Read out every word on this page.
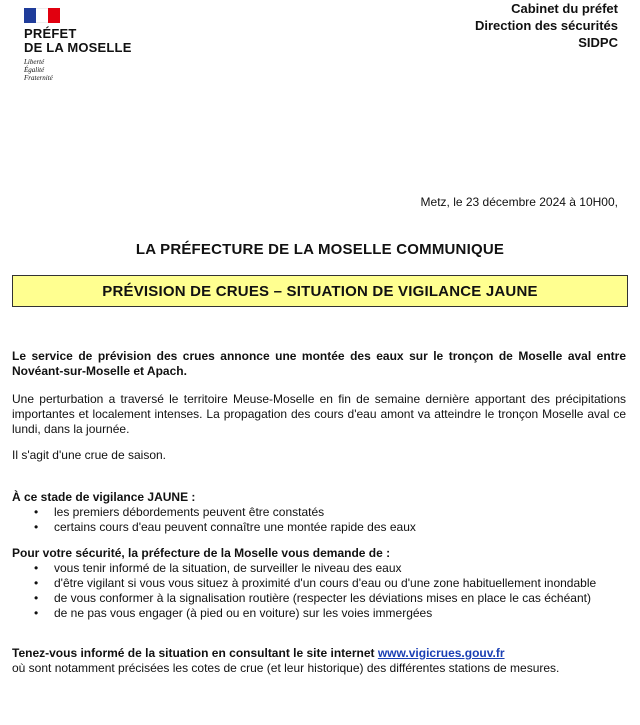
PRÉFET
DE LA MOSELLE
Liberté
Égalité
Fraternité
Cabinet du préfet
Direction des sécurités
SIDPC
Metz, le 23 décembre 2024 à 10H00,
LA PRÉFECTURE DE LA MOSELLE COMMUNIQUE
PRÉVISION DE CRUES – SITUATION DE VIGILANCE JAUNE

Le service de prévision des crues annonce une montée des eaux sur le tronçon de Moselle aval entre Novéant-sur-Moselle et Apach.

Une perturbation a traversé le territoire Meuse-Moselle en fin de semaine dernière apportant des précipitations importantes et localement intenses. La propagation des cours d'eau amont va atteindre le tronçon Moselle aval ce lundi, dans la journée.

Il s'agit d'une crue de saison.

À ce stade de vigilance JAUNE :

• les premiers débordements peuvent être constatés
• certains cours d'eau peuvent connaître une montée rapide des eaux

Pour votre sécurité, la préfecture de la Moselle vous demande de :

• vous tenir informé de la situation, de surveiller le niveau des eaux
• d'être vigilant si vous vous situez à proximité d'un cours d'eau ou d'une zone habituellement inondable
• de vous conformer à la signalisation routière (respecter les déviations mises en place le cas échéant)
• de ne pas vous engager (à pied ou en voiture) sur les voies immergées

Tenez-vous informé de la situation en consultant le site internet www.vigicrues.gouv.fr

où sont notamment précisées les cotes de crue (et leur historique) des différentes stations de mesures.
